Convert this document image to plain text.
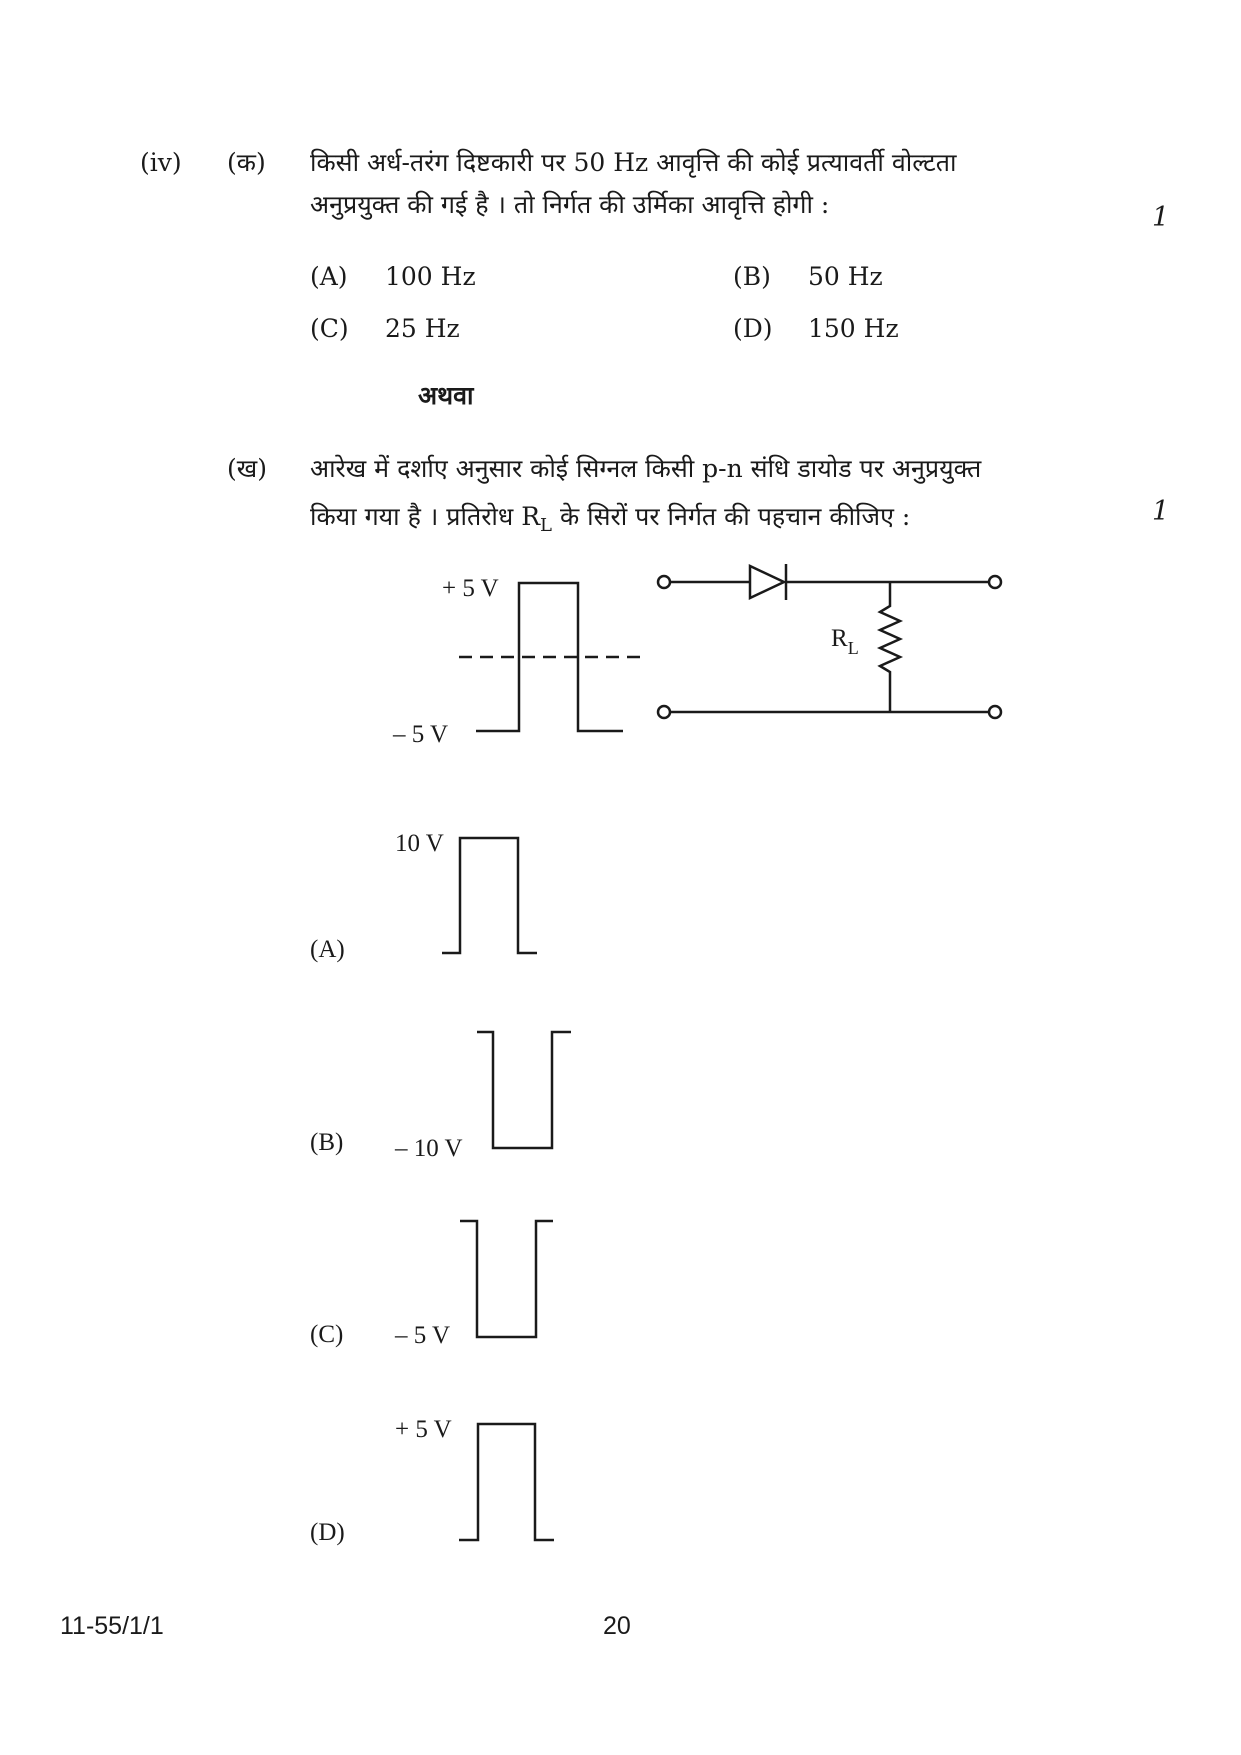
(iv) (क) किसी अर्ध-तरंग दिष्टकारी पर 50 Hz आवृत्ति की कोई प्रत्यावर्ती वोल्टता
अनुप्रयुक्त की गई है । तो निर्गत की उर्मिका आवृत्ति होगी :	1
(A) 100 Hz	(B) 50 Hz
(C) 25 Hz	(D) 150 Hz
अथवा
(ख) आरेख में दर्शाए अनुसार कोई सिग्नल किसी p-n संधि डायोड पर अनुप्रयुक्त
किया गया है । प्रतिरोध $R_L$ के सिरों पर निर्गत की पहचान कीजिए :	1
+ 5 V
– 5 V
$R_L$
10 V
(A)
– 10 V
(B)
– 5 V
(C)
+ 5 V
(D)
11-55/1/1	20
